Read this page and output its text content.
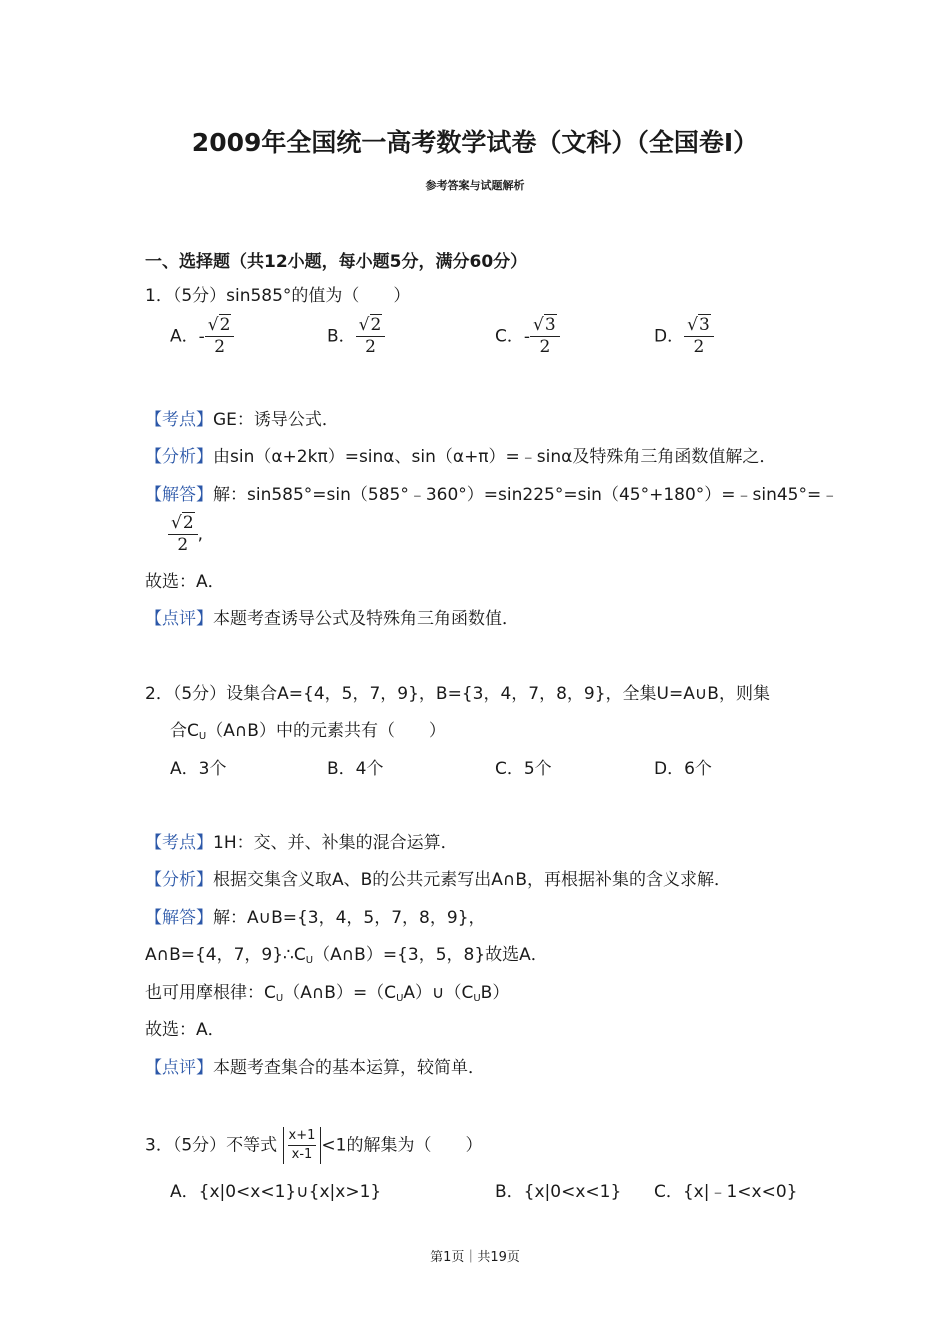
2009年全国统一高考数学试卷（文科）（全国卷Ⅰ）
参考答案与试题解析
一、选择题（共12小题，每小题5分，满分60分）
1．（5分）sin585°的值为（　　）
A．- $\frac{√2}{2}$	B． $\frac{√2}{2}$	C．- $\frac{√3}{2}$	D． $\frac{√3}{2}$
【考点】GE：诱导公式．
【分析】由sin（α+2kπ）=sinα、sin（α+π）=﹣sinα及特殊角三角函数值解之．
【解答】解：sin585°=sin（585°﹣360°）=sin225°=sin（45°+180°）=﹣sin45°=﹣
$\frac{√2}{2}$ ,
故选：A．
【点评】本题考查诱导公式及特殊角三角函数值．
2．（5分）设集合A={4，5，7，9}，B={3，4，7，8，9}，全集U=A∪B，则集
合$C_U(A\cap B)$中的元素共有（　　）
A．3个	B．4个	C．5个	D．6个
【考点】1H：交、并、补集的混合运算．
【分析】根据交集含义取A、B的公共元素写出A∩B，再根据补集的含义求解．
【解答】解：A∪B={3，4，5，7，8，9}，
A∩B={4，7，$9\}\therefore C_U(A\cap B)=\{3$，5，8}故选A．
也可用摩根律：$C_U(A\cap B)=(C_UA)\cup(C_UB)$
故选：A．
【点评】本题考查集合的基本运算，较简单．
3．（5分）不等式 $\frac{x+1}{x-1} <1$的解集为（　　）
A．{x|0<x<1}∪{x|x>1}	B．{x|0<x<1} C．{x|﹣1<x<0}
第1页｜共19页
